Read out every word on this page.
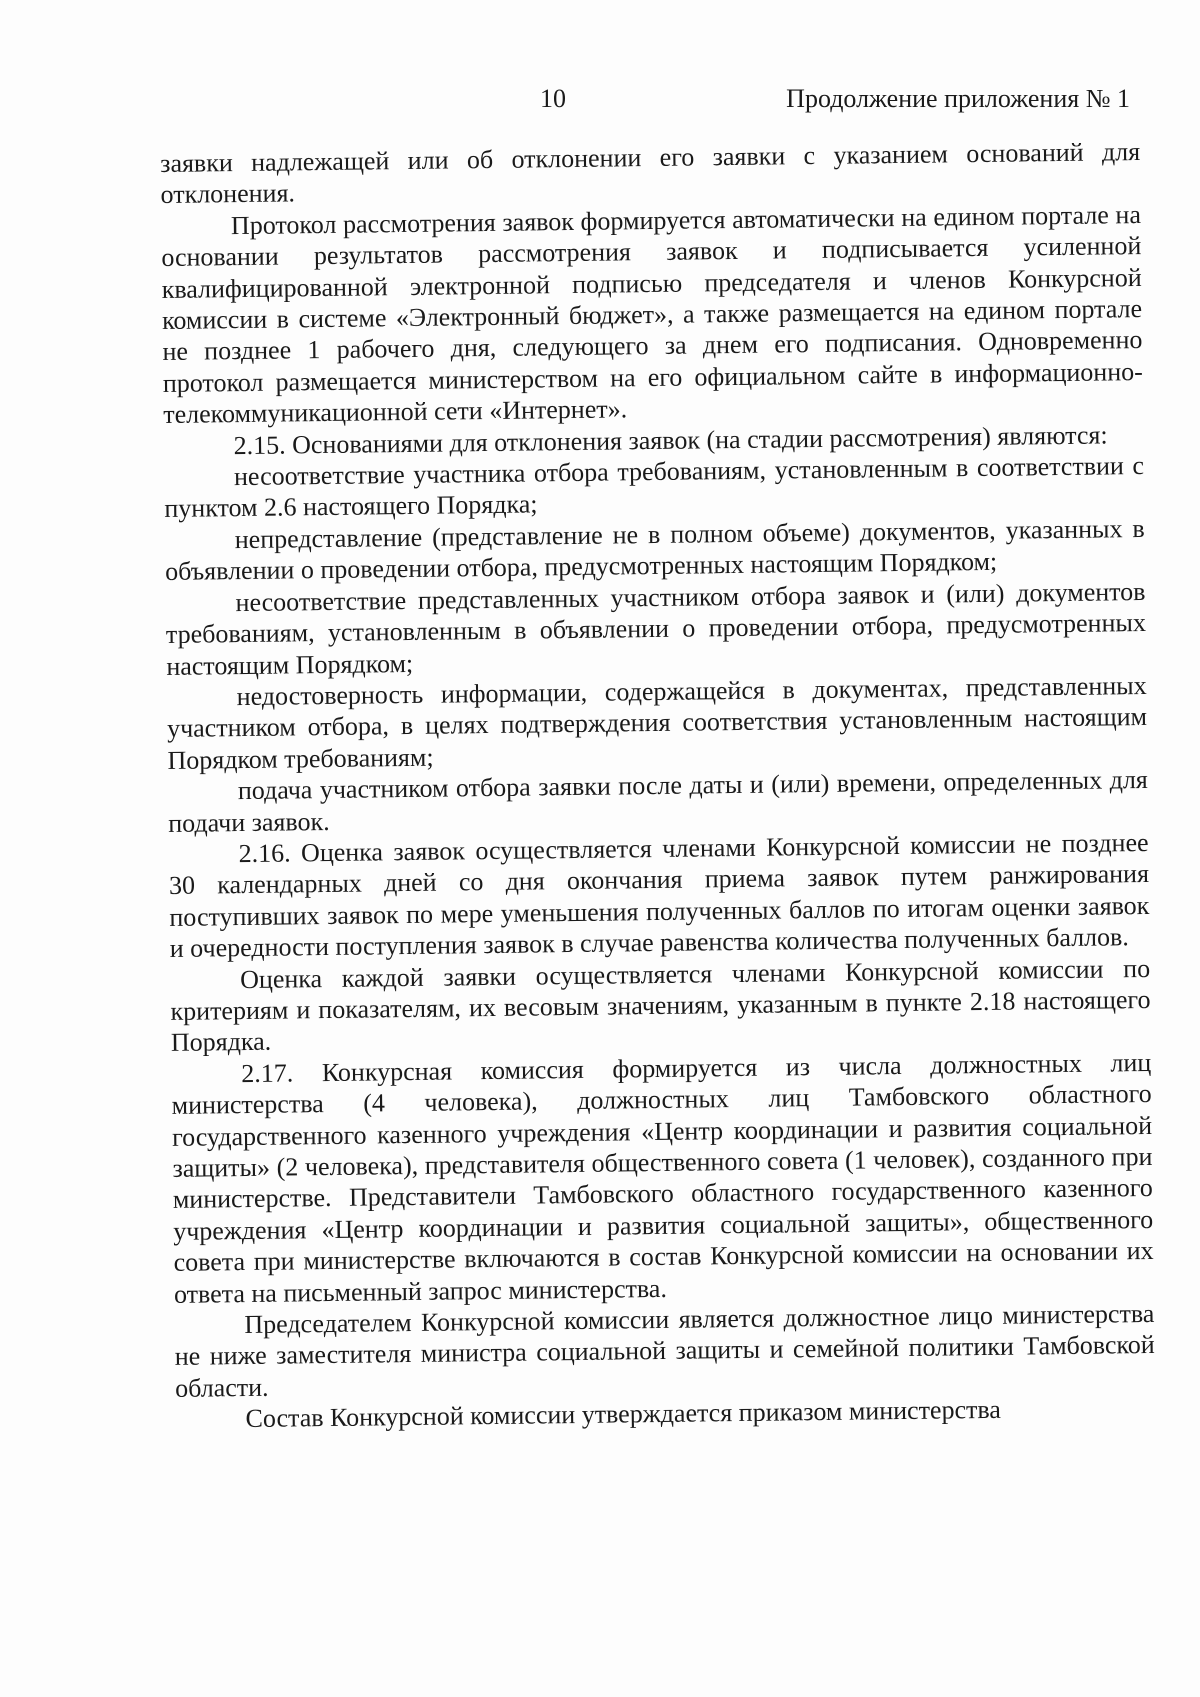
10	Продолжение приложения № 1

заявки надлежащей или об отклонении его заявки с указанием оснований для отклонения.

Протокол рассмотрения заявок формируется автоматически на едином портале на основании результатов рассмотрения заявок и подписывается усиленной квалифицированной электронной подписью председателя и членов Конкурсной комиссии в системе «Электронный бюджет», а также размещается на едином портале не позднее 1 рабочего дня, следующего за днем его подписания. Одновременно протокол размещается министерством на его официальном сайте в информационно-телекоммуникационной сети «Интернет».

2.15. Основаниями для отклонения заявок (на стадии рассмотрения) являются:

несоответствие участника отбора требованиям, установленным в соответствии с пунктом 2.6 настоящего Порядка;

непредставление (представление не в полном объеме) документов, указанных в объявлении о проведении отбора, предусмотренных настоящим Порядком;

несоответствие представленных участником отбора заявок и (или) документов требованиям, установленным в объявлении о проведении отбора, предусмотренных настоящим Порядком;

недостоверность информации, содержащейся в документах, представленных участником отбора, в целях подтверждения соответствия установленным настоящим Порядком требованиям;

подача участником отбора заявки после даты и (или) времени, определенных для подачи заявок.

2.16. Оценка заявок осуществляется членами Конкурсной комиссии не позднее 30 календарных дней со дня окончания приема заявок путем ранжирования поступивших заявок по мере уменьшения полученных баллов по итогам оценки заявок и очередности поступления заявок в случае равенства количества полученных баллов.

Оценка каждой заявки осуществляется членами Конкурсной комиссии по критериям и показателям, их весовым значениям, указанным в пункте 2.18 настоящего Порядка.

2.17. Конкурсная комиссия формируется из числа должностных лиц министерства (4 человека), должностных лиц Тамбовского областного государственного казенного учреждения «Центр координации и развития социальной защиты» (2 человека), представителя общественного совета (1 человек), созданного при министерстве. Представители Тамбовского областного государственного казенного учреждения «Центр координации и развития социальной защиты», общественного совета при министерстве включаются в состав Конкурсной комиссии на основании их ответа на письменный запрос министерства.

Председателем Конкурсной комиссии является должностное лицо министерства не ниже заместителя министра социальной защиты и семейной политики Тамбовской области.

Состав Конкурсной комиссии утверждается приказом министерства
